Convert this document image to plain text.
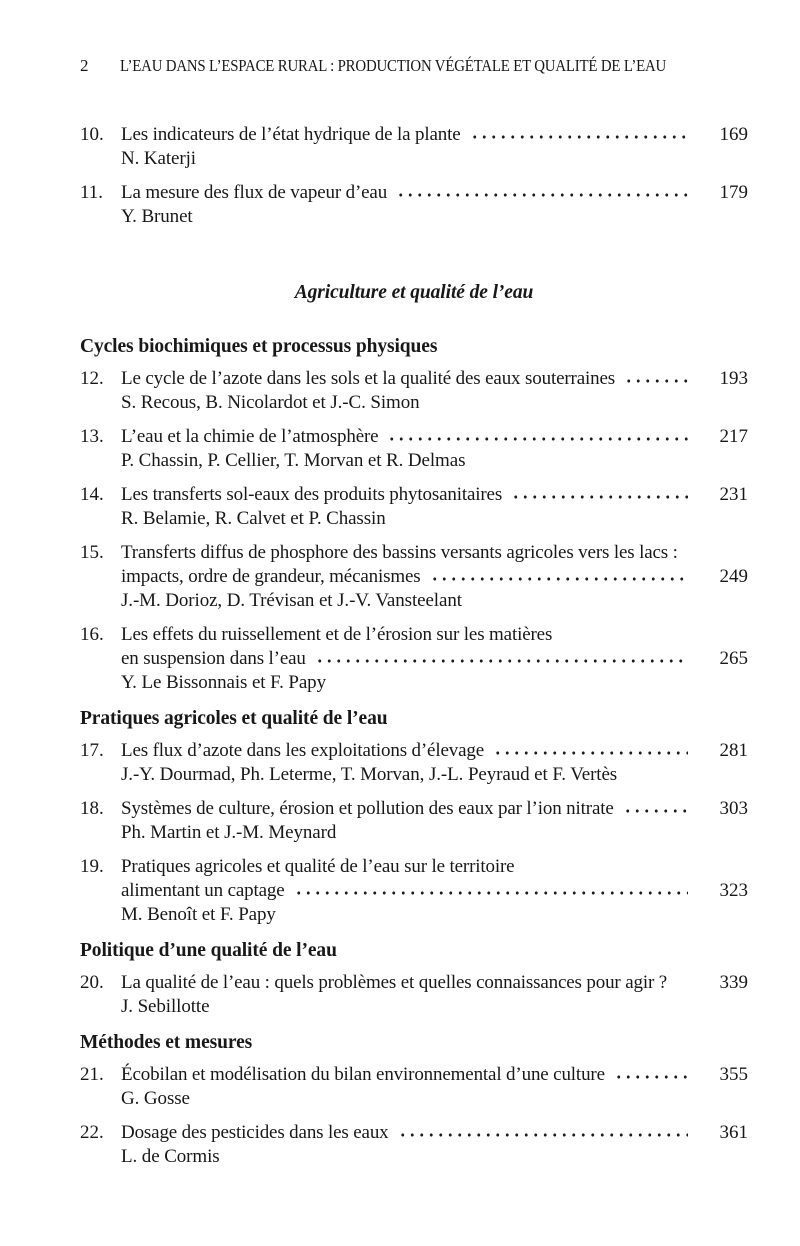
2	L’EAU DANS L’ESPACE RURAL : PRODUCTION VÉGÉTALE ET QUALITÉ DE L’EAU
10. Les indicateurs de l’état hydrique de la plante	169
N. Katerji
11. La mesure des flux de vapeur d’eau	179
Y. Brunet
Agriculture et qualité de l’eau
Cycles biochimiques et processus physiques
12. Le cycle de l’azote dans les sols et la qualité des eaux souterraines	193
S. Recous, B. Nicolardot et J.-C. Simon
13. L’eau et la chimie de l’atmosphère	217
P. Chassin, P. Cellier, T. Morvan et R. Delmas
14. Les transferts sol-eaux des produits phytosanitaires	231
R. Belamie, R. Calvet et P. Chassin
15. Transferts diffus de phosphore des bassins versants agricoles vers les lacs :
impacts, ordre de grandeur, mécanismes	249
J.-M. Dorioz, D. Trévisan et J.-V. Vansteelant
16. Les effets du ruissellement et de l’érosion sur les matières
en suspension dans l’eau	265
Y. Le Bissonnais et F. Papy
Pratiques agricoles et qualité de l’eau
17. Les flux d’azote dans les exploitations d’élevage	281
J.-Y. Dourmad, Ph. Leterme, T. Morvan, J.-L. Peyraud et F. Vertès
18. Systèmes de culture, érosion et pollution des eaux par l’ion nitrate	303
Ph. Martin et J.-M. Meynard
19. Pratiques agricoles et qualité de l’eau sur le territoire
alimentant un captage	323
M. Benoît et F. Papy
Politique d’une qualité de l’eau
20. La qualité de l’eau : quels problèmes et quelles connaissances pour agir ?	339
J. Sebillotte
Méthodes et mesures
21. Écobilan et modélisation du bilan environnemental d’une culture	355
G. Gosse
22. Dosage des pesticides dans les eaux	361
L. de Cormis
